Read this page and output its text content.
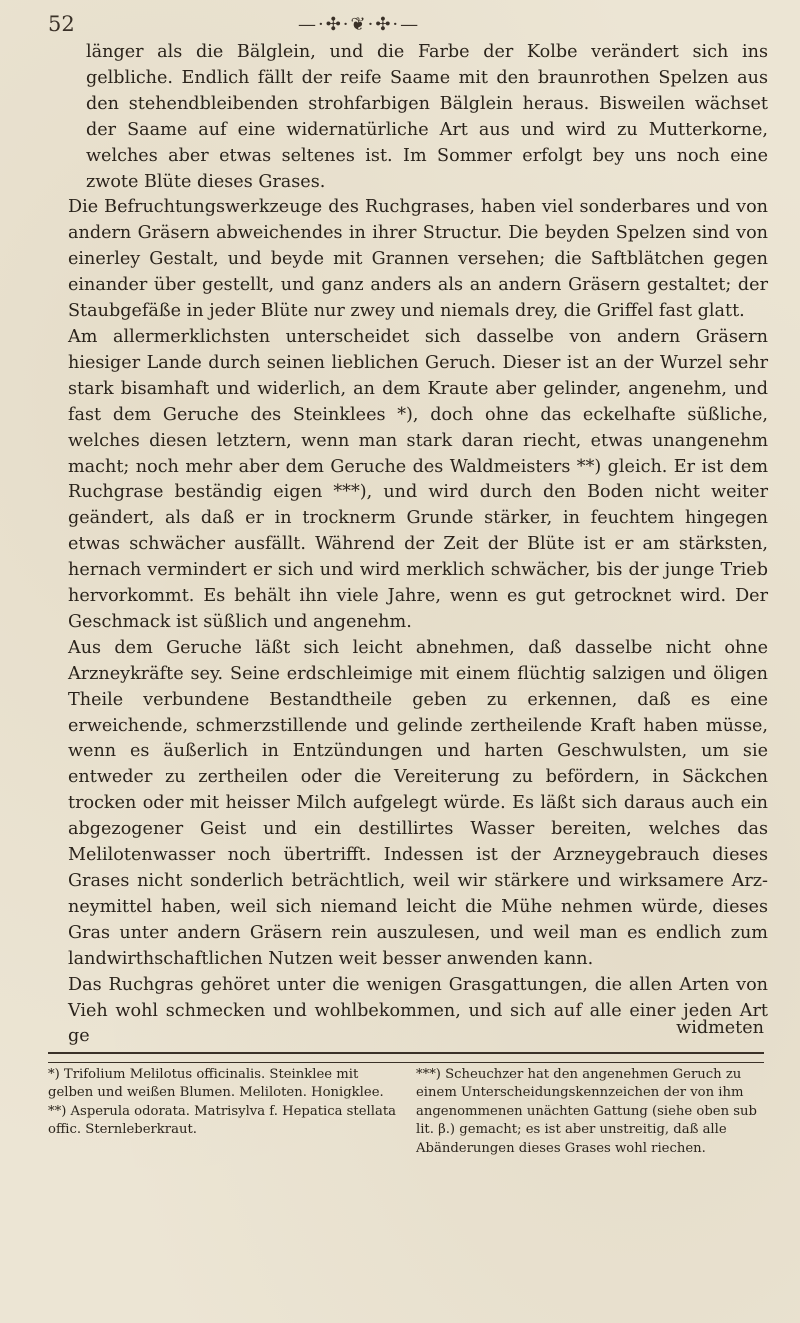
52	—·✣·❦·✣·—

länger als die Bälglein, und die Farbe der Kolbe verändert sich ins gelbliche. Endlich fällt der reife Saame mit den braunrothen Spelzen aus den stehendbleibenden strohfarbigen Bälglein heraus. Bisweilen wächset der Saame auf eine widernatürliche Art aus und wird zu Mutterkorne, welches aber etwas seltenes ist. Im Sommer erfolgt bey uns noch eine zwote Blüte dieses Grases.

Die Befruchtungswerkzeuge des Ruchgrases, haben viel sonderbares und von andern Gräsern abweichendes in ihrer Structur. Die beyden Spelzen sind von einerley Gestalt, und beyde mit Grannen versehen; die Saftblätchen gegen einander über gestellt, und ganz anders als an andern Gräsern gestaltet; der Staubgefäße in jeder Blüte nur zwey und niemals drey, die Griffel fast glatt.

Am allermerklichsten unterscheidet sich dasselbe von andern Gräsern hiesiger Lande durch seinen lieblichen Geruch. Dieser ist an der Wurzel sehr stark bisamhaft und widerlich, an dem Kraute aber gelinder, angenehm, und fast dem Geruche des Steinklees *), doch ohne das eckelhafte süßliche, welches diesen letztern, wenn man stark daran riecht, etwas unangenehm macht; noch mehr aber dem Geruche des Waldmeisters **) gleich. Er ist dem Ruchgrase beständig eigen ***), und wird durch den Boden nicht weiter geändert, als daß er in trocknerm Grunde stärker, in feuchtem hingegen etwas schwächer ausfällt. Während der Zeit der Blüte ist er am stärksten, hernach vermindert er sich und wird merklich schwächer, bis der junge Trieb hervorkommt. Es behält ihn viele Jahre, wenn es gut getrocknet wird. Der Geschmack ist süßlich und angenehm.

Aus dem Geruche läßt sich leicht abnehmen, daß dasselbe nicht ohne Arzneykräfte sey. Seine erdschleimige mit einem flüchtig salzigen und öligen Theile verbundene Bestandtheile geben zu erkennen, daß es eine erweichende, schmerzstillende und gelinde zertheilende Kraft haben müsse, wenn es äußerlich in Entzündungen und harten Geschwulsten, um sie entweder zu zertheilen oder die Vereiterung zu befördern, in Säckchen trocken oder mit heisser Milch aufgelegt würde. Es läßt sich daraus auch ein abgezogener Geist und ein destillirtes Wasser bereiten, welches das Melilotenwasser noch übertrifft. Indessen ist der Arzneygebrauch dieses Grases nicht sonderlich beträchtlich, weil wir stärkere und wirksamere Arzneymittel haben, weil sich niemand leicht die Mühe nehmen würde, dieses Gras unter andern Gräsern rein auszulesen, und weil man es endlich zum landwirthschaftlichen Nutzen weit besser anwenden kann.

Das Ruchgras gehöret unter die wenigen Grasgattungen, die allen Arten von Vieh wohl schmecken und wohlbekommen, und sich auf alle einer jeden Art ge	widmeten

*) Trifolium Melilotus officinalis. Steinklee mit gelben und weißen Blumen. Meliloten. Honigklee.

**) Asperula odorata. Matrisylva f. Hepatica stellata offic. Sternleberkraut.

***) Scheuchzer hat den angenehmen Geruch zu einem Unterscheidungskennzeichen der von ihm angenommenen unächten Gattung (siehe oben sub lit. β.) gemacht; es ist aber unstreitig, daß alle Abänderungen dieses Grases wohl riechen.
